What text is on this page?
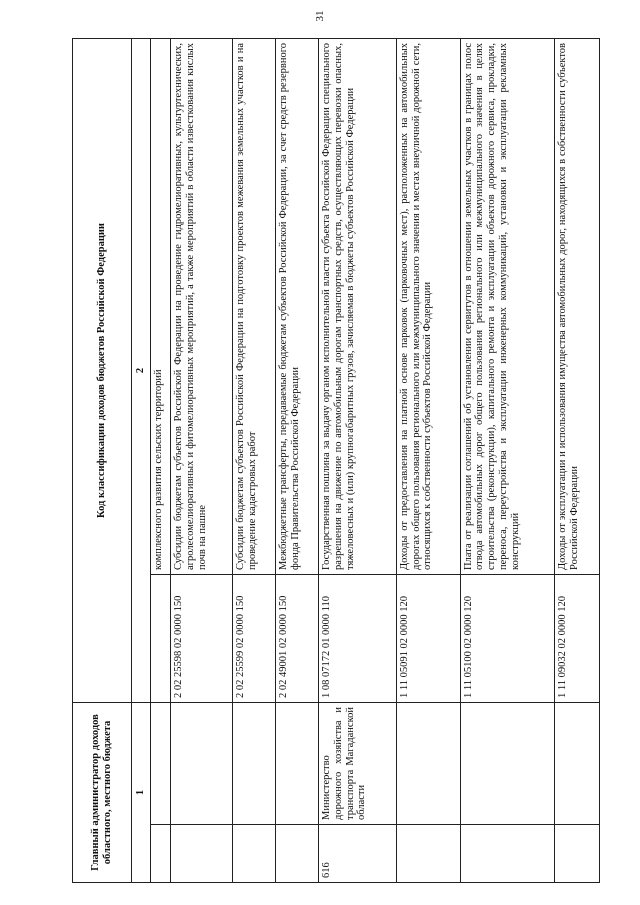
31
Главный администратор доходов областного, местного бюджета		Код классификации доходов бюджетов Российской Федерации	
1		2	
			комплексного развития сельских территорий
		2 02 25598 02 0000 150	Субсидии бюджетам субъектов Российской Федерации на проведение гидромелиоративных, культуртехнических, агролесомелиоративных и фитомелиоративных мероприятий, а также мероприятий в области известкования кислых почв на пашне
		2 02 25599 02 0000 150	Субсидии бюджетам субъектов Российской Федерации на подготовку проектов межевания земельных участков и на проведение кадастровых работ
		2 02 49001 02 0000 150	Межбюджетные трансферты, передаваемые бюджетам субъектов Российской Федерации, за счет средств резервного фонда Правительства Российской Федерации
616	Министерство дорожного хозяйства и транспорта Магаданской области	1 08 07172 01 0000 110	Государственная пошлина за выдачу органом исполнительной власти субъекта Российской Федерации специального разрешения на движение по автомобильным дорогам транспортных средств, осуществляющих перевозки опасных, тяжеловесных и (или) крупногабаритных грузов, зачисляемая в бюджеты субъектов Российской Федерации
		1 11 05091 02 0000 120	Доходы от предоставления на платной основе парковок (парковочных мест), расположенных на автомобильных дорогах общего пользования регионального или межмуниципального значения и местах внеуличной дорожной сети, относящихся к собственности субъектов Российской Федерации
		1 11 05100 02 0000 120	Плата от реализации соглашений об установлении сервитутов в отношении земельных участков в границах полос отвода автомобильных дорог общего пользования регионального или межмуниципального значения в целях строительства (реконструкции), капитального ремонта и эксплуатации объектов дорожного сервиса, прокладки, переноса, переустройства и эксплуатации инженерных коммуникаций, установки и эксплуатации рекламных конструкций
		1 11 09032 02 0000 120	Доходы от эксплуатации и использования имущества автомобильных дорог, находящихся в собственности субъектов Российской Федерации
